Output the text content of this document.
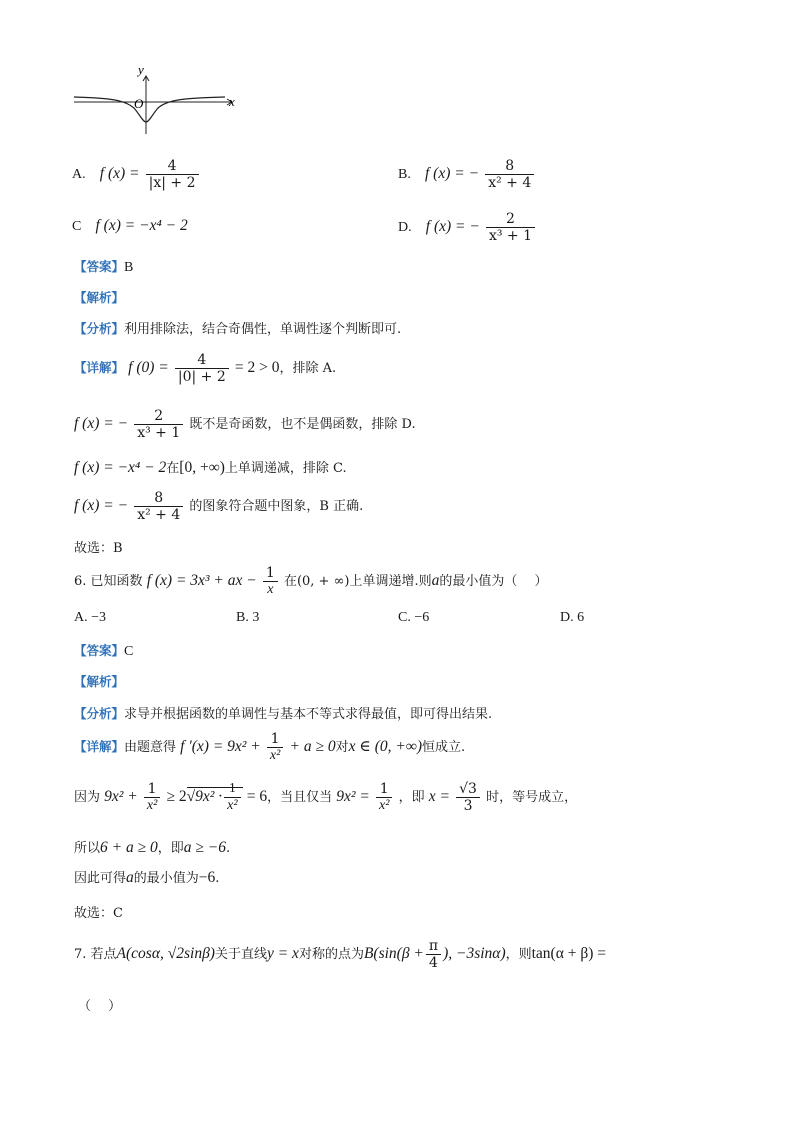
y
x
O
A. f $(x) = \frac{4}{|x| + 2}$	B. f (x) = − $\frac{8}{\text{x² + 4}}$
C f (x) = −x⁴ − 2	D. f (x) = − $\frac{2}{\text{x³ + 1}}$
【答案】B
【解析】
【分析】利用排除法，结合奇偶性，单调性逐个判断即可.
【详解】 f $(0) = \frac{4}{|0| + 2} = 2 > 0$，排除 A.
f (x) = − $\frac{2}{\text{x³ + 1}}$ 既不是奇函数，也不是偶函数，排除 D.
f (x) = −x⁴ − 2在[0, +∞)上单调递减，排除 C.
f (x) = − $\frac{8}{\text{x² + 4}}$ 的图象符合题中图象，B 正确.
故选：B
6. 已知函数 f (x) = 3x³ + ax − $\frac{1}{x}$ 在(0, + ∞)上单调递增.则a的最小值为（　 ）
A. −3	B. 3	C. −6	D. 6
【答案】C
【解析】
【分析】求导并根据函数的单调性与基本不等式求得最值，即可得出结果.
【详解】由题意得 f $'(x) = 9x^2 + \frac{1}{\text{x²}} + a \ge 0$对x ∈ (0, +∞)恒成立.
因为 $9x^2 + \frac{1}{\text{x²}} \ge 2√9x^2 \cdot \frac{1}{\text{x²}} = 6$，当且仅当 $9x^2 = \frac{1}{\text{x²}}$ ，即 $x = \frac{√3}{3}$ 时，等号成立，
所以6 + a ≥ 0，即a ≥ −6.
因此可得a的最小值为−6.
故选：C
7. 若点A(cosα, √2sinβ)关于直线y = x对称的点为$B(\sin(\beta + \frac{\pi}{4}$ ), −3sinα)，则tan(α + β) =
（　 ）
